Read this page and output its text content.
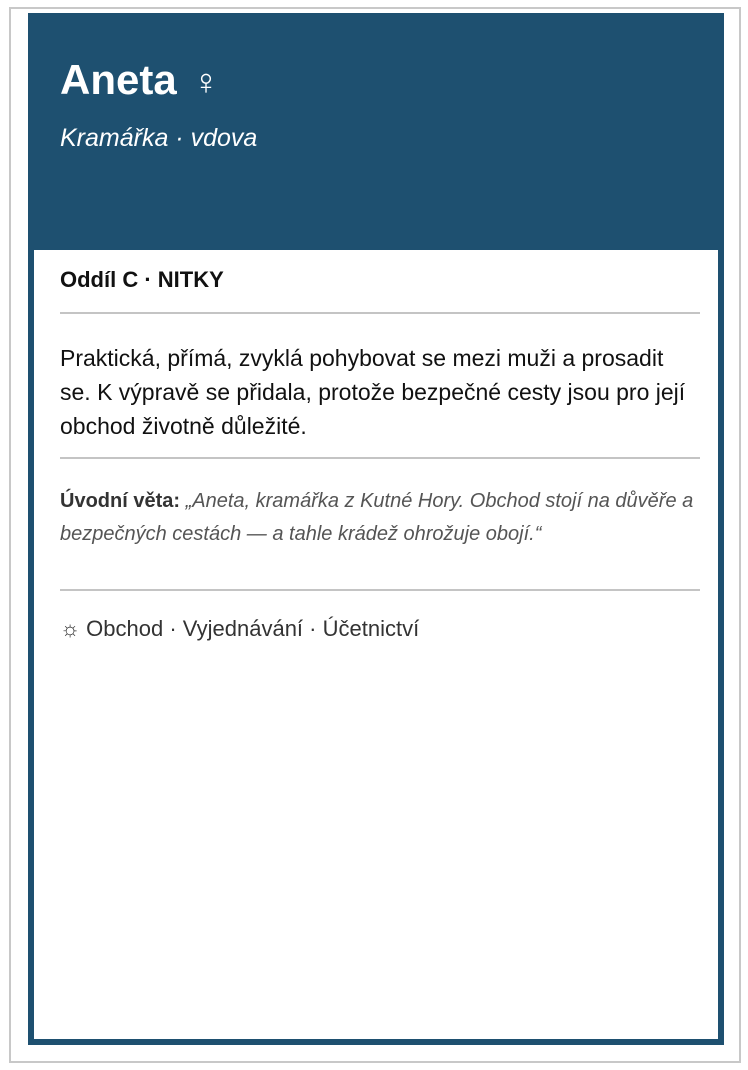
Aneta ♀
Kramářka · vdova
Oddíl C · NITKY
Praktická, přímá, zvyklá pohybovat se mezi muži a prosadit se. K výpravě se přidala, protože bezpečné cesty jsou pro její obchod životně důležité.
Úvodní věta: „Aneta, kramářka z Kutné Hory. Obchod stojí na důvěře a bezpečných cestách — a tahle krádež ohrožuje obojí.“
☼ Obchod · Vyjednávání · Účetnictví
